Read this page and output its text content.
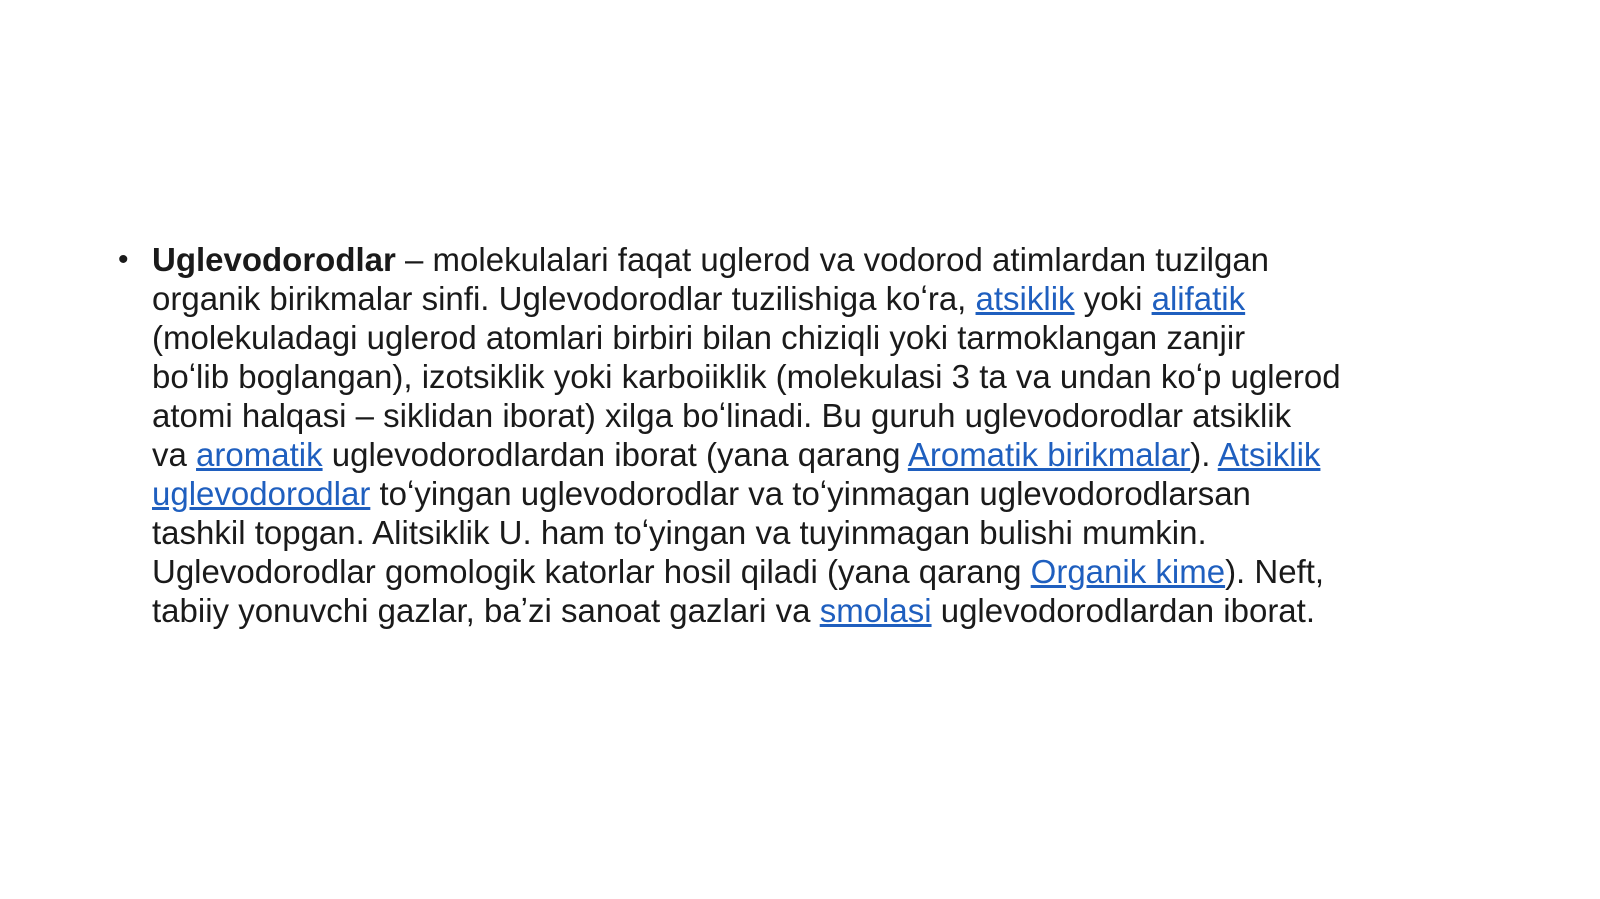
• Uglevodorodlar – molekulalari faqat uglerod va vodorod atimlardan tuzilgan
organik birikmalar sinfi. Uglevodorodlar tuzilishiga koʻra, atsiklik yoki alifatik
(molekuladagi uglerod atomlari birbiri bilan chiziqli yoki tarmoklangan zanjir
boʻlib boglangan), izotsiklik yoki karboiiklik (molekulasi 3 ta va undan koʻp uglerod
atomi halqasi – siklidan iborat) xilga boʻlinadi. Bu guruh uglevodorodlar atsiklik
va aromatik uglevodorodlardan iborat (yana qarang Aromatik birikmalar). Atsiklik
uglevodorodlar toʻyingan uglevodorodlar va toʻyinmagan uglevodorodlarsan
tashkil topgan. Alitsiklik U. ham toʻyingan va tuyinmagan bulishi mumkin.
Uglevodorodlar gomologik katorlar hosil qiladi (yana qarang Organik kime). Neft,
tabiiy yonuvchi gazlar, baʼzi sanoat gazlari va smolasi uglevodorodlardan iborat.
